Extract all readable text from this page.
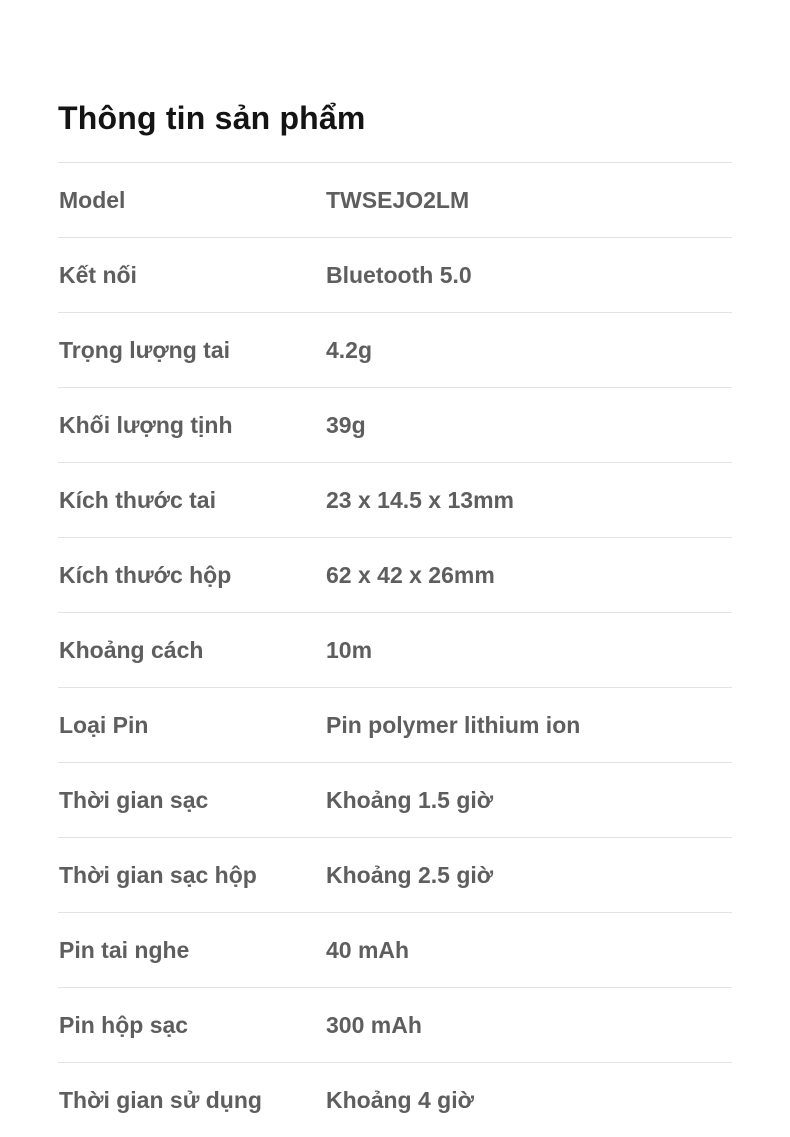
Thông tin sản phẩm
Model	TWSEJO2LM
Kết nối	Bluetooth 5.0
Trọng lượng tai	4.2g
Khối lượng tịnh	39g
Kích thước tai	23 x 14.5 x 13mm
Kích thước hộp	62 x 42 x 26mm
Khoảng cách	10m
Loại Pin	Pin polymer lithium ion
Thời gian sạc	Khoảng 1.5 giờ
Thời gian sạc hộp	Khoảng 2.5 giờ
Pin tai nghe	40 mAh
Pin hộp sạc	300 mAh
Thời gian sử dụng	Khoảng 4 giờ
